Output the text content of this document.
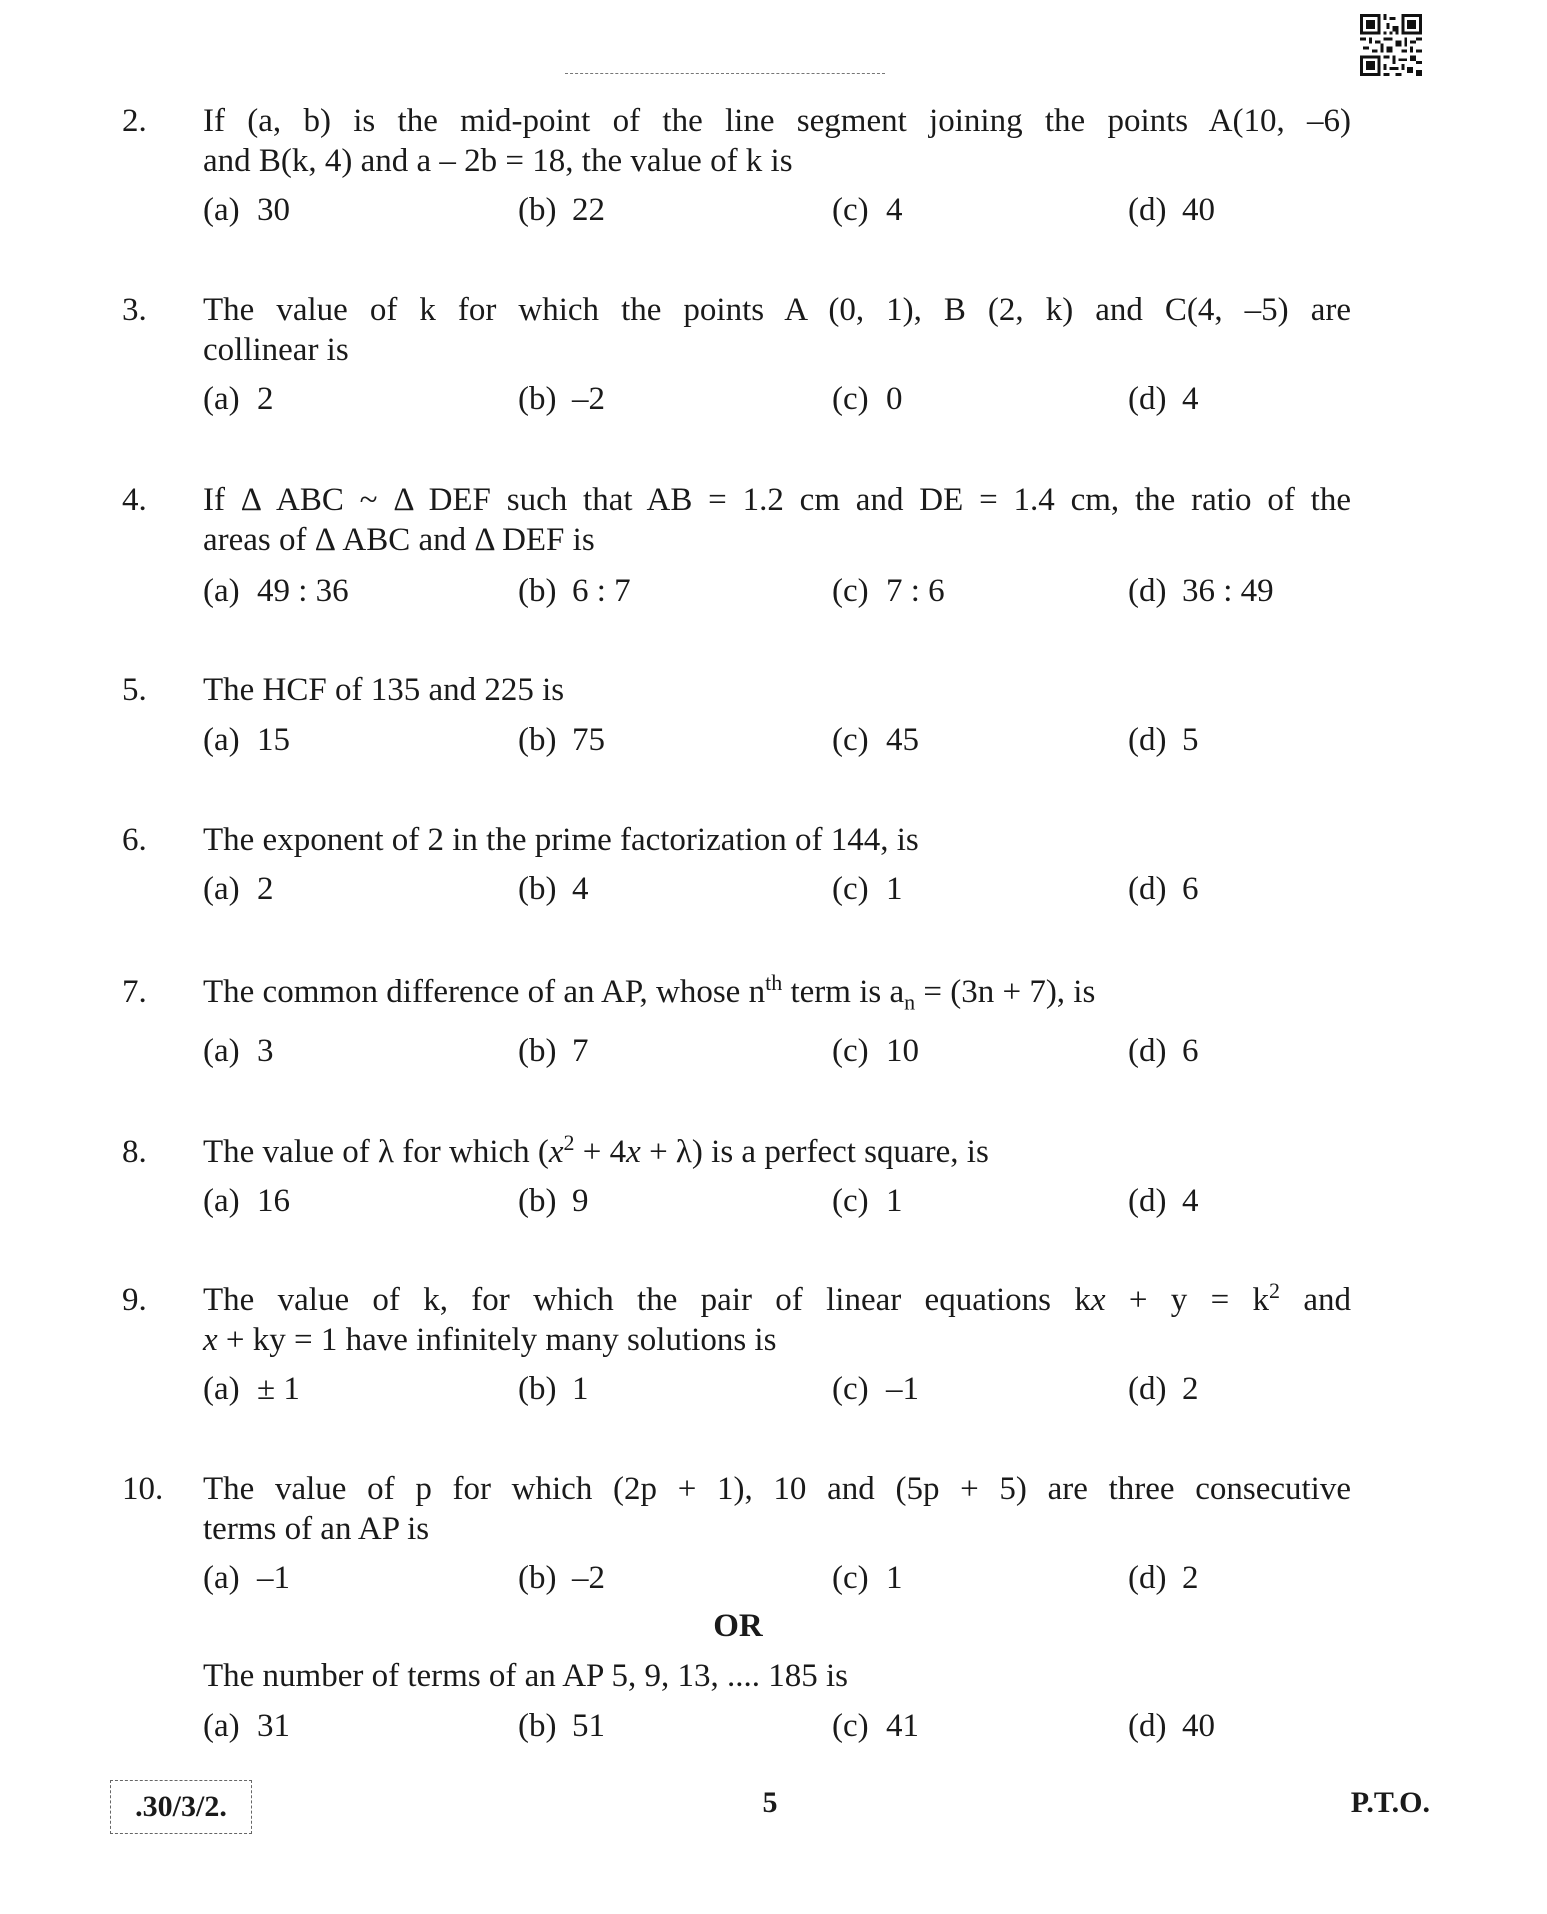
2. If (a, b) is the mid-point of the line segment joining the points A(10, –6)
and B(k, 4) and a – 2b = 18, the value of k is
(a) 30	(b) 22	(c) 4	(d) 40
3. The value of k for which the points A (0, 1), B (2, k) and C(4, –5) are
collinear is
(a) 2	(b) –2	(c) 0	(d) 4
4. If Δ ABC ~ Δ DEF such that AB = 1.2 cm and DE = 1.4 cm, the ratio of the
areas of Δ ABC and Δ DEF is
(a) 49 : 36	(b) 6 : 7	(c) 7 : 6	(d) 36 : 49
5. The HCF of 135 and 225 is
(a) 15	(b) 75	(c) 45	(d) 5
6. The exponent of 2 in the prime factorization of 144, is
(a) 2	(b) 4	(c) 1	(d) 6
7. The common difference of an AP, whose $n^{th}$ term is $a_n = (3n + 7)$, is
(a) 3	(b) 7	(c) 10	(d) 6
8. The value of λ for which $(x^2 + 4x + \lambda)$ is a perfect square, is
(a) 16	(b) 9	(c) 1	(d) 4
9. The value of k, for which the pair of linear equations kx + $y = k^2$ and
x + ky = 1 have infinitely many solutions is
(a) ± 1	(b) 1	(c) –1	(d) 2
10. The value of p for which (2p + 1), 10 and (5p + 5) are three consecutive
terms of an AP is
(a) –1	(b) –2	(c) 1	(d) 2
OR
The number of terms of an AP 5, 9, 13, .... 185 is
(a) 31	(b) 51	(c) 41	(d) 40
.30/3/2.	5	P.T.O.
